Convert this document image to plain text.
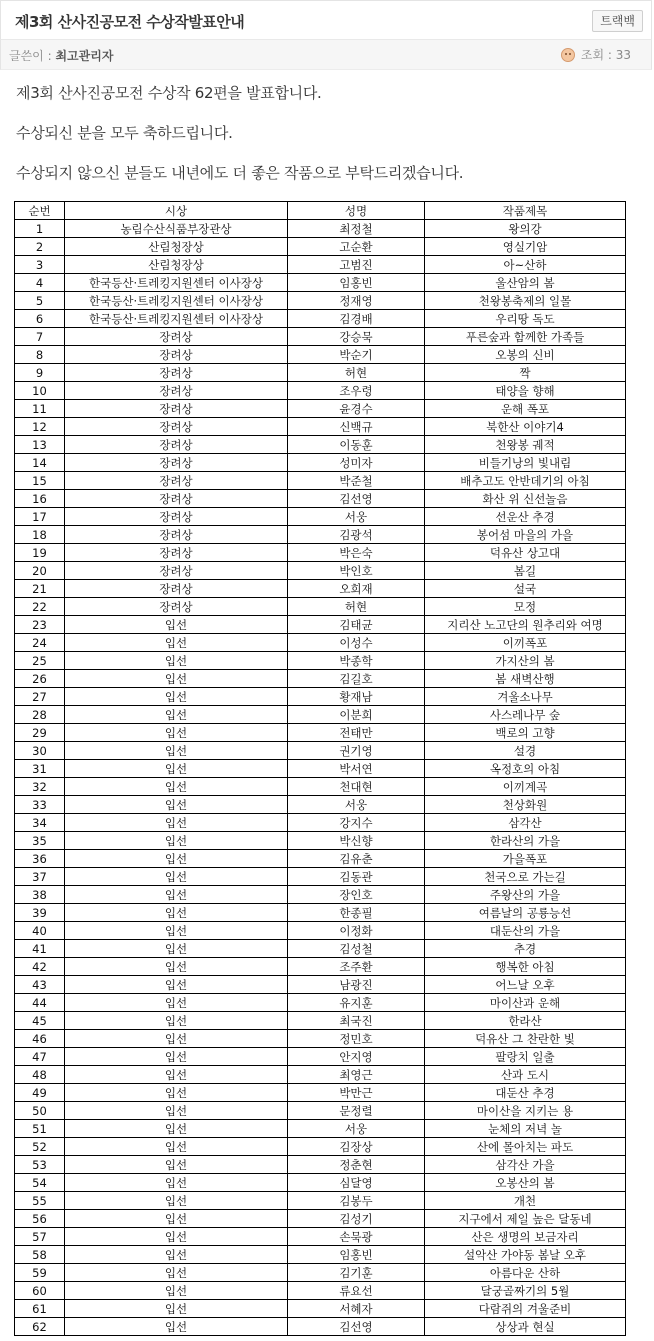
제3회 산사진공모전 수상작발표안내	트랙백
글쓴이 : 최고관리자	조회 : 33
제3회 산사진공모전 수상작 62편을 발표합니다.
수상되신 분을 모두 축하드립니다.
수상되지 않으신 분들도 내년에도 더 좋은 작품으로 부탁드리겠습니다.
순번	시상	성명	작품제목
1	농림수산식품부장관상	최정철	왕의강
2	산림청장상	고순환	영실기암
3	산림청장상	고범진	아~산하
4	한국등산·트레킹지원센터 이사장상	임홍빈	울산암의 봄
5	한국등산·트레킹지원센터 이사장상	정재영	천왕봉축제의 일몰
6	한국등산·트레킹지원센터 이사장상	김경배	우리땅 독도
7	장려상	강승묵	푸른숲과 함께한 가족들
8	장려상	박순기	오봉의 신비
9	장려상	허현	짝
10	장려상	조우령	태양을 향해
11	장려상	윤경수	운해 폭포
12	장려상	신백규	북한산 이야기4
13	장려상	이동훈	천왕봉 궤적
14	장려상	성미자	비들기낭의 빛내림
15	장려상	박준철	배추고도 안반데기의 아침
16	장려상	김선영	화산 위 신선놀음
17	장려상	서웅	선운산 추경
18	장려상	김광석	봉어섬 마을의 가을
19	장려상	박은숙	덕유산 상고대
20	장려상	박인호	봄길
21	장려상	오희재	설국
22	장려상	허현	모정
23	입선	김태균	지리산 노고단의 원추리와 여명
24	입선	이성수	이끼폭포
25	입선	박종학	가지산의 봄
26	입선	김길호	봄 새벽산행
27	입선	황재남	겨울소나무
28	입선	이분희	사스레나무 숲
29	입선	전태만	백로의 고향
30	입선	권기영	설경
31	입선	박서연	옥정호의 아침
32	입선	천대현	이끼계곡
33	입선	서웅	천상화원
34	입선	강지수	삼각산
35	입선	박신향	한라산의 가을
36	입선	김유춘	가을폭포
37	입선	김동관	천국으로 가는길
38	입선	장인호	주왕산의 가을
39	입선	한종필	여름날의 공룡능선
40	입선	이정화	대둔산의 가을
41	입선	김성철	추경
42	입선	조주환	행복한 아침
43	입선	남광진	어느날 오후
44	입선	유지훈	마이산과 운해
45	입선	최국진	한라산
46	입선	정민호	덕유산 그 찬란한 빛
47	입선	안지영	팔랑치 일출
48	입선	최영근	산과 도시
49	입선	박만근	대둔산 추경
50	입선	문정렬	마이산을 지키는 용
51	입선	서웅	눈체의 저녁 놀
52	입선	김장상	산에 몰아치는 파도
53	입선	정춘현	삼각산 가을
54	입선	심달영	오봉산의 봄
55	입선	김봉두	개천
56	입선	김성기	지구에서 제일 높은 달동네
57	입선	손묵광	산은 생명의 보금자리
58	입선	임홍빈	설악산 가야동 봄날 오후
59	입선	김기훈	아름다운 산하
60	입선	류요선	달궁골짜기의 5월
61	입선	서혜자	다람쥐의 겨울준비
62	입선	김선영	상상과 현실
